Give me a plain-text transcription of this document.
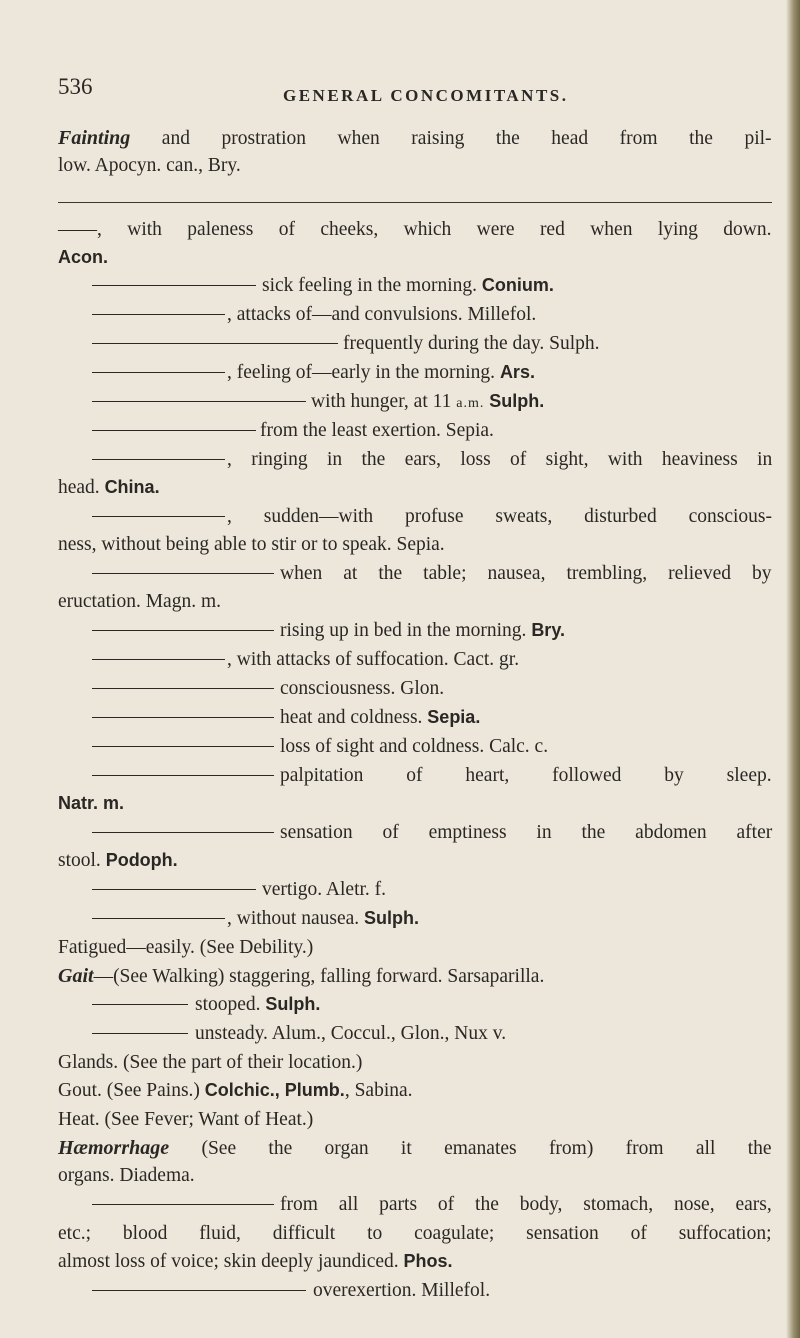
536	GENERAL CONCOMITANTS.
Fainting and prostration when raising the head from the pil-
low. Apocyn. can., Bry.
——, with paleness of cheeks, which were red when lying down.
Acon.
sick feeling in the morning. Conium.
, attacks of—and convulsions. Millefol.
frequently during the day. Sulph.
, feeling of—early in the morning. Ars.
with hunger, at 11 a.m. Sulph.
from the least exertion. Sepia.
, ringing in the ears, loss of sight, with heaviness in
head. China.
, sudden—with profuse sweats, disturbed conscious-
ness, without being able to stir or to speak. Sepia.
when at the table; nausea, trembling, relieved by
eructation. Magn. m.
rising up in bed in the morning. Bry.
, with attacks of suffocation. Cact. gr.
consciousness. Glon.
heat and coldness. Sepia.
loss of sight and coldness. Calc. c.
palpitation of heart, followed by sleep.
Natr. m.
sensation of emptiness in the abdomen after
stool. Podoph.
vertigo. Aletr. f.
, without nausea. Sulph.
Fatigued—easily. (See Debility.)
Gait—(See Walking) staggering, falling forward. Sarsaparilla.
stooped. Sulph.
unsteady. Alum., Coccul., Glon., Nux v.
Glands. (See the part of their location.)
Gout. (See Pains.) Colchic., Plumb., Sabina.
Heat. (See Fever; Want of Heat.)
Hæmorrhage (See the organ it emanates from) from all the
organs. Diadema.
from all parts of the body, stomach, nose, ears,
etc.; blood fluid, difficult to coagulate; sensation of suffocation;
almost loss of voice; skin deeply jaundiced. Phos.
overexertion. Millefol.
